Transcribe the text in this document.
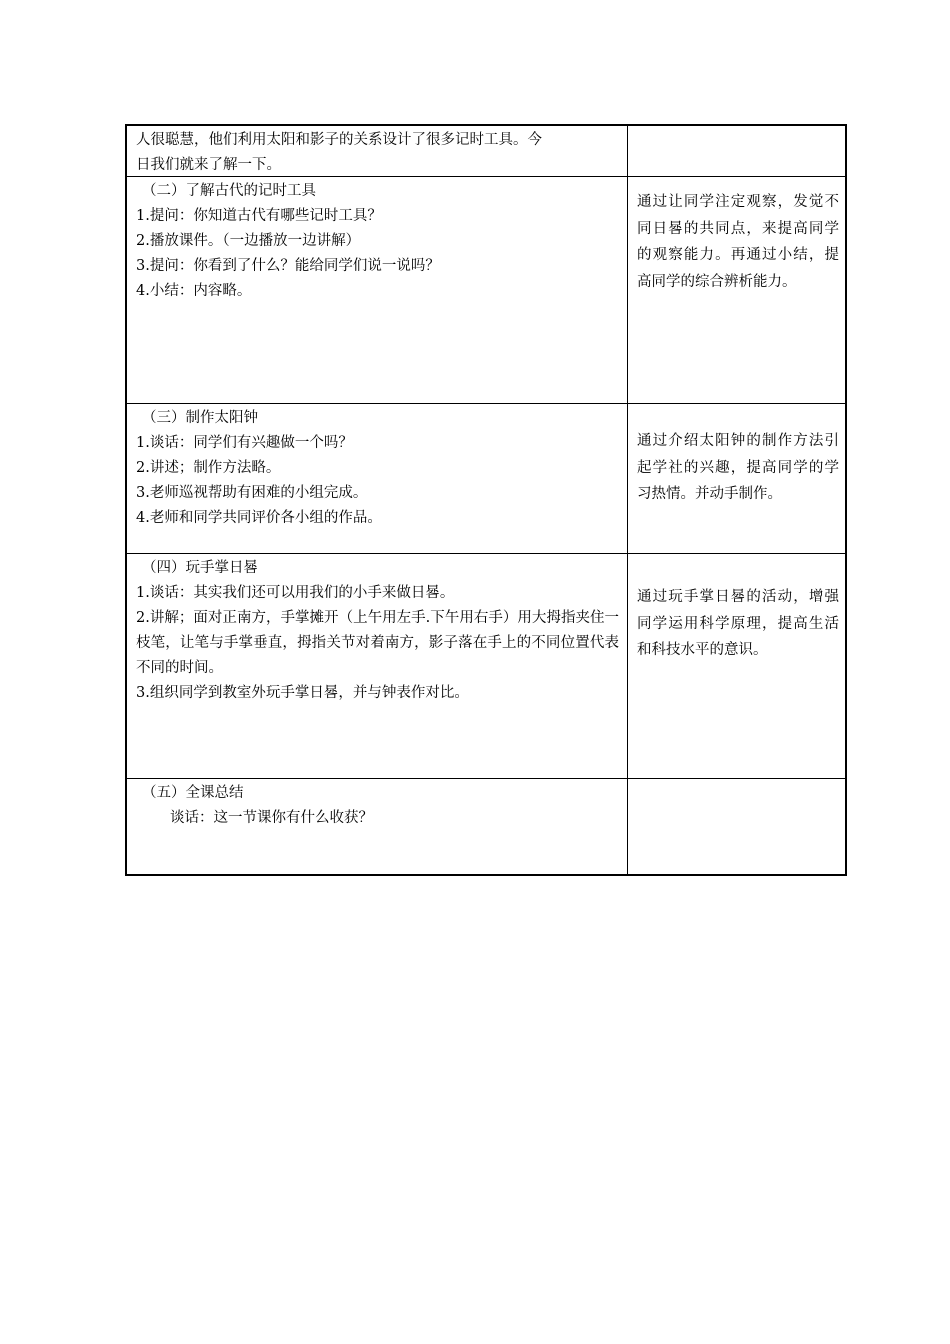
人很聪慧，他们利用太阳和影子的关系设计了很多记时工具。今
日我们就来了解一下。
（二）了解古代的记时工具
1.提问：你知道古代有哪些记时工具？
2.播放课件。（一边播放一边讲解）
3.提问：你看到了什么？能给同学们说一说吗？
4.小结：内容略。
通过让同学注定观察，发觉不同日晷的共同点，来提高同学的观察能力。再通过小结，提高同学的综合辨析能力。
（三）制作太阳钟
1.谈话：同学们有兴趣做一个吗？
2.讲述；制作方法略。
3.老师巡视帮助有困难的小组完成。
4.老师和同学共同评价各小组的作品。
通过介绍太阳钟的制作方法引起学社的兴趣，提高同学的学习热情。并动手制作。
（四）玩手掌日晷
1.谈话：其实我们还可以用我们的小手来做日晷。
2.讲解；面对正南方，手掌摊开（上午用左手.下午用右手）用大拇指夹住一枝笔，让笔与手掌垂直，拇指关节对着南方，影子落在手上的不同位置代表不同的时间。
3.组织同学到教室外玩手掌日晷，并与钟表作对比。
通过玩手掌日晷的活动，增强同学运用科学原理，提高生活和科技水平的意识。
（五）全课总结
谈话：这一节课你有什么收获？
